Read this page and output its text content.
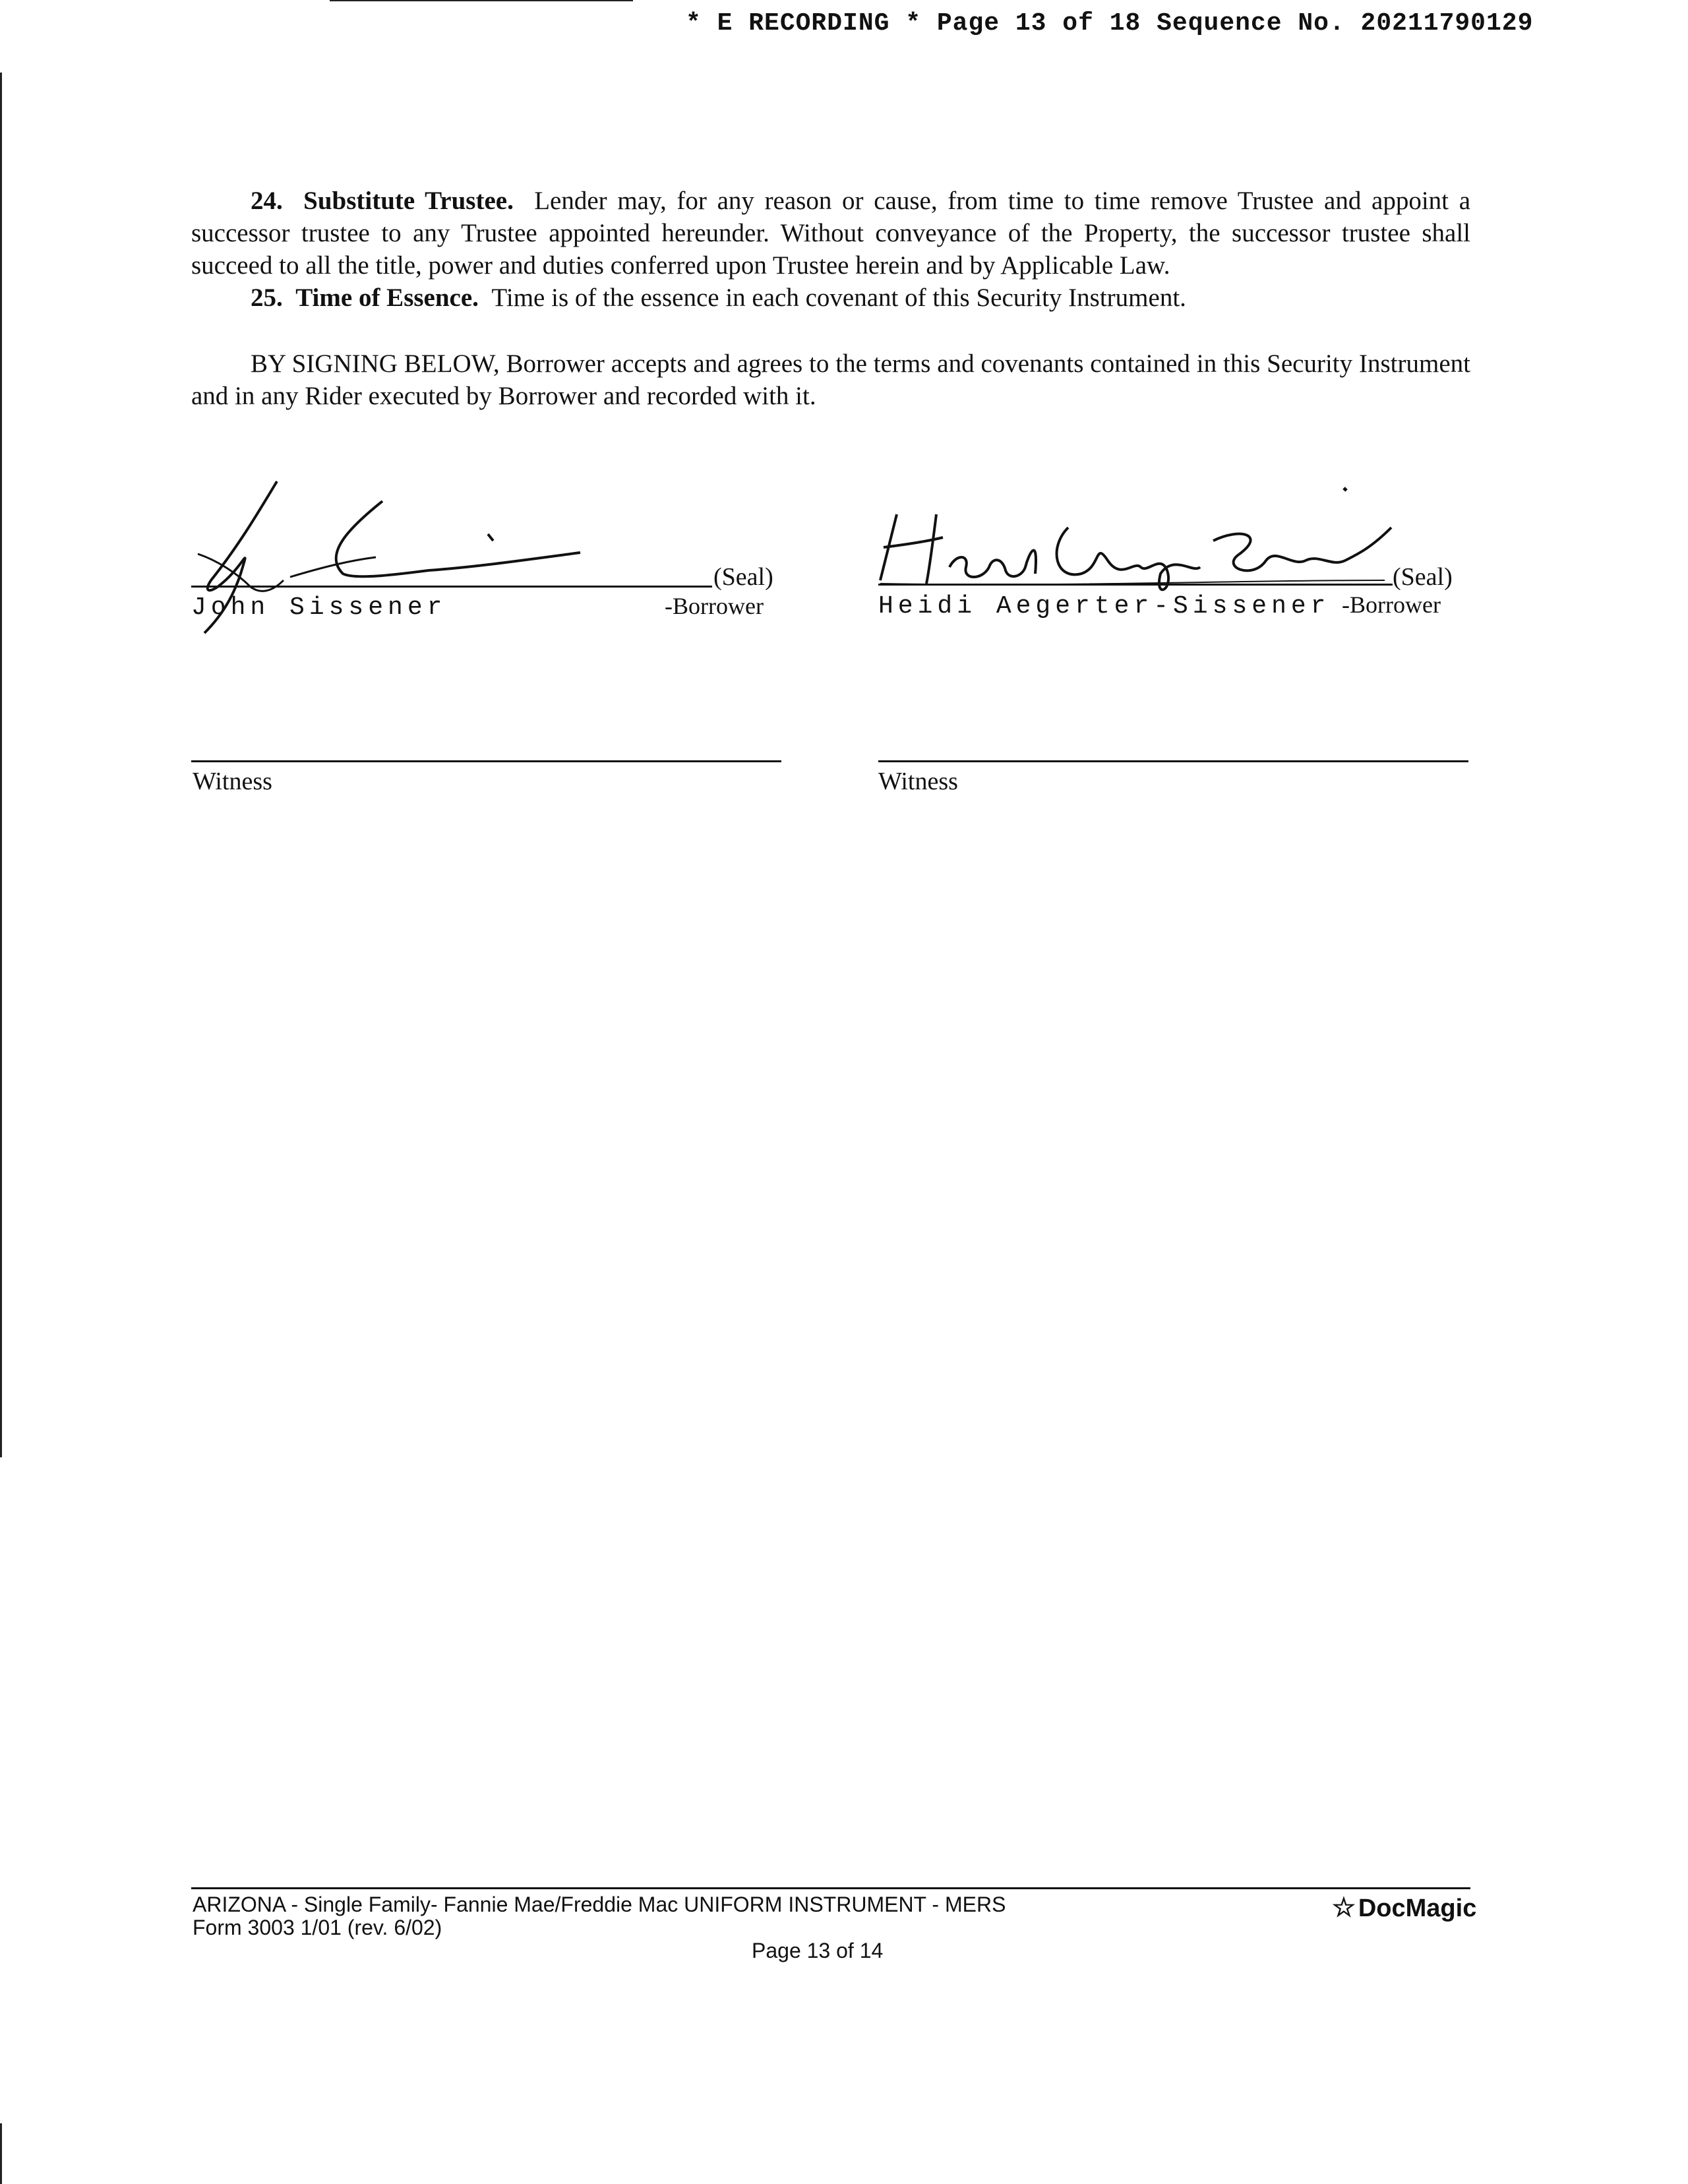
* E RECORDING * Page 13 of 18 Sequence No. 20211790129
24. Substitute Trustee. Lender may, for any reason or cause, from time to time remove Trustee and appoint a successor trustee to any Trustee appointed hereunder. Without conveyance of the Property, the successor trustee shall succeed to all the title, power and duties conferred upon Trustee herein and by Applicable Law.
25. Time of Essence. Time is of the essence in each covenant of this Security Instrument.
BY SIGNING BELOW, Borrower accepts and agrees to the terms and covenants contained in this Security Instrument and in any Rider executed by Borrower and recorded with it.
(Seal)
John Sissener	-Borrower
(Seal)
Heidi Aegerter-Sissener -Borrower
Witness	Witness
ARIZONA - Single Family- Fannie Mae/Freddie Mac UNIFORM INSTRUMENT - MERS
Form 3003 1/01 (rev. 6/02)
☆ DocMagic
Page 13 of 14
